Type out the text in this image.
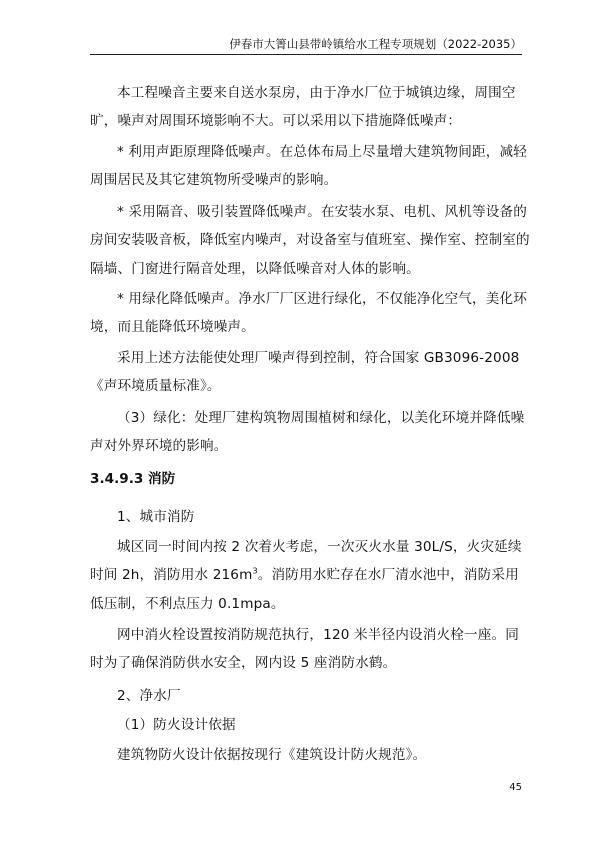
伊春市大箐山县带岭镇给水工程专项规划（2022-2035）

本工程噪音主要来自送水泵房，由于净水厂位于城镇边缘，周围空旷，噪声对周围环境影响不大。可以采用以下措施降低噪声：

* 利用声距原理降低噪声。在总体布局上尽量增大建筑物间距，减轻周围居民及其它建筑物所受噪声的影响。

* 采用隔音、吸引装置降低噪声。在安装水泵、电机、风机等设备的房间安装吸音板，降低室内噪声，对设备室与值班室、操作室、控制室的隔墙、门窗进行隔音处理，以降低噪音对人体的影响。

* 用绿化降低噪声。净水厂厂区进行绿化，不仅能净化空气，美化环境，而且能降低环境噪声。

采用上述方法能使处理厂噪声得到控制，符合国家 GB3096-2008《声环境质量标准》。

（3）绿化：处理厂建构筑物周围植树和绿化，以美化环境并降低噪声对外界环境的影响。

3.4.9.3 消防

1、城市消防

城区同一时间内按 2 次着火考虑，一次灭火水量 30L/S，火灾延续时间 2h，消防用水 $216m^3$。消防用水贮存在水厂清水池中，消防采用低压制，不利点压力 0.1mpa。

网中消火栓设置按消防规范执行，120 米半径内设消火栓一座。同时为了确保消防供水安全，网内设 5 座消防水鹤。

2、净水厂

（1）防火设计依据

建筑物防火设计依据按现行《建筑设计防火规范》。

45
